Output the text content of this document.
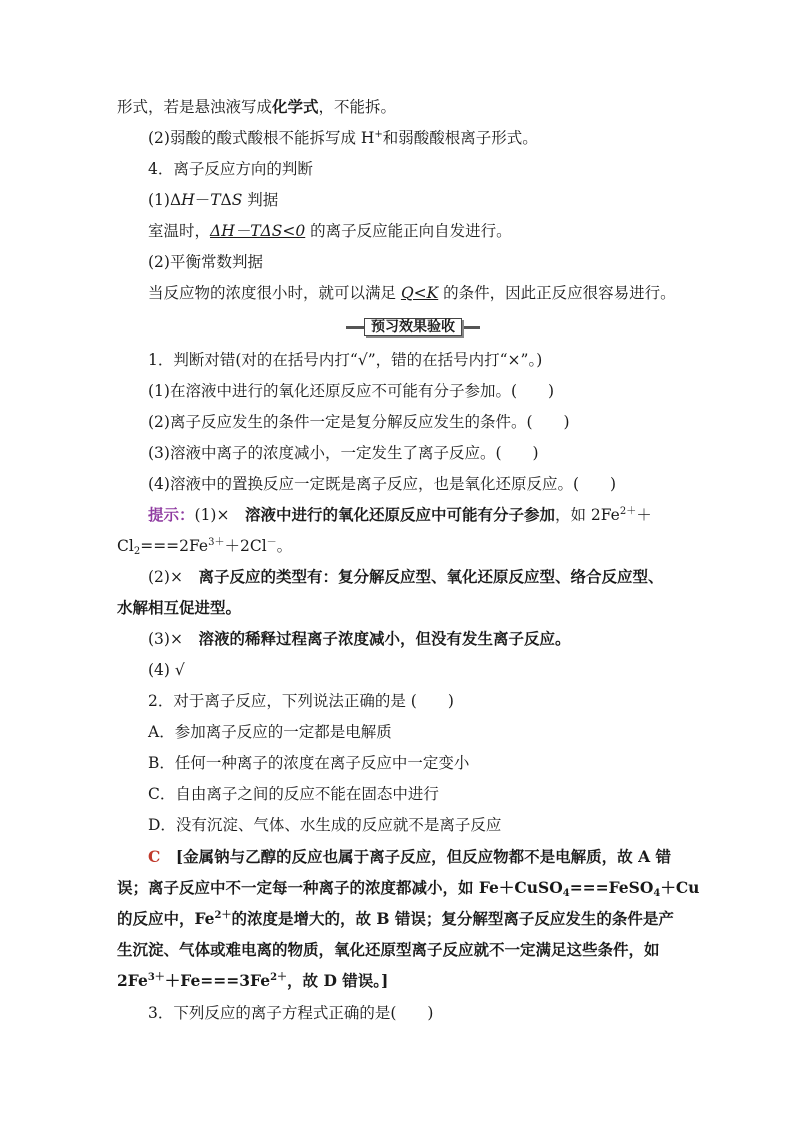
形式，若是悬浊液写成化学式，不能拆。
(2)弱酸的酸式酸根不能拆写成 H+和弱酸酸根离子形式。
4．离子反应方向的判断
(1)ΔH－TΔS 判据
室温时，ΔH－TΔS<0 的离子反应能正向自发进行。
(2)平衡常数判据
当反应物的浓度很小时，就可以满足 Q<K 的条件，因此正反应很容易进行。
预习效果验收
1．判断对错(对的在括号内打“√”，错的在括号内打“×”。)
(1)在溶液中进行的氧化还原反应不可能有分子参加。(　　)
(2)离子反应发生的条件一定是复分解反应发生的条件。(　　)
(3)溶液中离子的浓度减小，一定发生了离子反应。(　　)
(4)溶液中的置换反应一定既是离子反应，也是氧化还原反应。(　　)
提示：(1)×　溶液中进行的氧化还原反应中可能有分子参加，如 $2Fe^{2+}+$
$Cl_2===2Fe^{3+}+2Cl^-$。
(2)×　离子反应的类型有：复分解反应型、氧化还原反应型、络合反应型、
水解相互促进型。
(3)×　溶液的稀释过程离子浓度减小，但没有发生离子反应。
(4) √
2．对于离子反应，下列说法正确的是 (　　)
A．参加离子反应的一定都是电解质
B．任何一种离子的浓度在离子反应中一定变小
C．自由离子之间的反应不能在固态中进行
D．没有沉淀、气体、水生成的反应就不是离子反应
C　[金属钠与乙醇的反应也属于离子反应，但反应物都不是电解质，故 A 错
误；离子反应中不一定每一种离子的浓度都减小，如 Fe＋CuSO$_4$===FeSO$_4$＋Cu
的反应中，$Fe^{2+}$的浓度是增大的，故 B 错误；复分解型离子反应发生的条件是产
生沉淀、气体或难电离的物质，氧化还原型离子反应就不一定满足这些条件，如
$2Fe^{3+}+Fe===3Fe^{2+}$，故 D 错误。]
3．下列反应的离子方程式正确的是(　　)
